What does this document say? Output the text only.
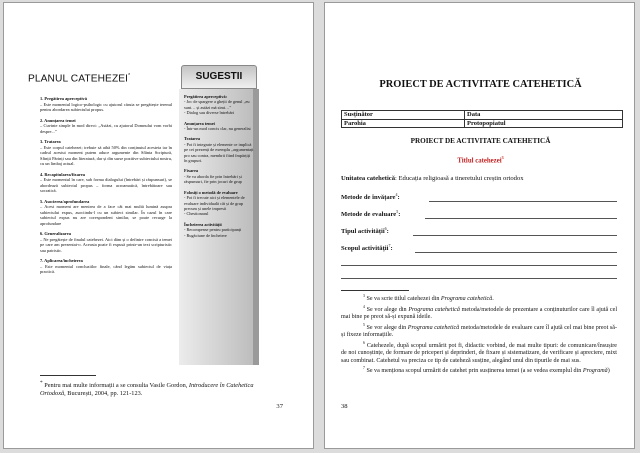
PLANUL CATEHEZEI*
1. Pregătirea aperceptivă

– Este momentul logico-psihologic cu ajutorul căruia se pregătește terenul pentru abordarea subiectului propus.

2. Anunțarea temei

– Cuvinte simple în mod direct: „Astăzi, cu ajutorul Domnului vom vorbi despre...”

3. Tratarea

– Este corpul catehezei; trebuie să aibă 50% din conținutul acesteia iar în cadrul acestui moment putem aduce argumente din Sfânta Scriptură, Sfinții Părinți sau din literatură, dar și din surse pozitive subiectului nostru, cu un limbaj actual.

4. Recapitularea/fixarea

– Este momentul în care, sub forma dialogului (întrebări și răspunsuri), se abordează subiectul propus – forma acroamatică, întrebătoare sau socratică.

5. Asocierea/aprofundarea

– Acest moment are menirea de a face cât mai multă lumină asupra subiectului expus, asociindu-l cu un subiect similar. În cazul în care subiectul expus nu are corespondent similar, se poate recurge la aprofundare

6. Generalizarea

– Ne pregătește de finalul catehezei. Aici dăm și o definire concisă a temei pe care am prezentat-o. Aceasta poate fi expusă printr-un text scripturistic sau patristic.

7. Aplicarea/încheierea

– Este momentul concluziilor finale, când legăm subiectul de viața practică.

SUGESTII
Pregătirea aperceptivă:

- Joc de spargere a gheții de genul „eu sunt… și astăzi mă simt…”
- Dialog sau diverse întrebări

Anunțarea temei

- Într-un mod concis clar, nu generalist

Tratarea

- Pot fi integrate și elemente ce implică pe cei prezenți de exemplu „argumentați pro sau contra, membrii fiind împărțiți în grupuri.

Fixarea

- Se va aborda fie prin întrebări și răspunsuri, fie prin jocuri de grup

Folosiți o metodă de evaluare

- Pot fi trecute aici și elementele de evaluare individuală cât și de grup precum și unele impresii
- Chestionarul

Încheierea activității

- Recompense pentru participanți
- Rugăciune de încheiere

* Pentru mai multe informații a se consulta Vasile Gordon, Introducere în Catehetica Ortodoxă, București, 2004, pp. 121-123.
37
PROIECT DE ACTIVITATE CATEHETICĂ
Susținător	Data
Parohia	Protopopiatul
PROIECT DE ACTIVITATE CATEHETICĂ
Titlul catehezei$^3$
Unitatea catehetică: Educația religioasă a tineretului creștin ortodox
Metode de învățare$^4$:
Metode de evaluare$^5$:
Tipul activității$^6$:
Scopul activității$^7$:

$^3$ Se va scrie titlul catehezei din Programa catehetică.

$^4$ Se vor alege din Programa catehetică metoda/metodele de prezentare a conținuturilor care îl ajută cel mai bine pe preot să-și expună ideile.

$^5$ Se vor alege din Programa catehetică metoda/metodele de evaluare care îl ajută cel mai bine preot să-și fixeze informațiile.

$^6$ Catehezele, după scopul urmărit pot fi, didactic vorbind, de mai multe tipuri: de comunicare/însușire de noi cunoștințe, de formare de priceperi și deprinderi, de fixare și sistematizare, de verificare și apreciere, mixt sau combinat. Catehetul va preciza ce tip de cateheză susține, alegând unul din tipurile de mai sus.

$^7$ Se va menționa scopul urmărit de catehet prin susținerea temei (a se vedea exemplul din Programă)

38
